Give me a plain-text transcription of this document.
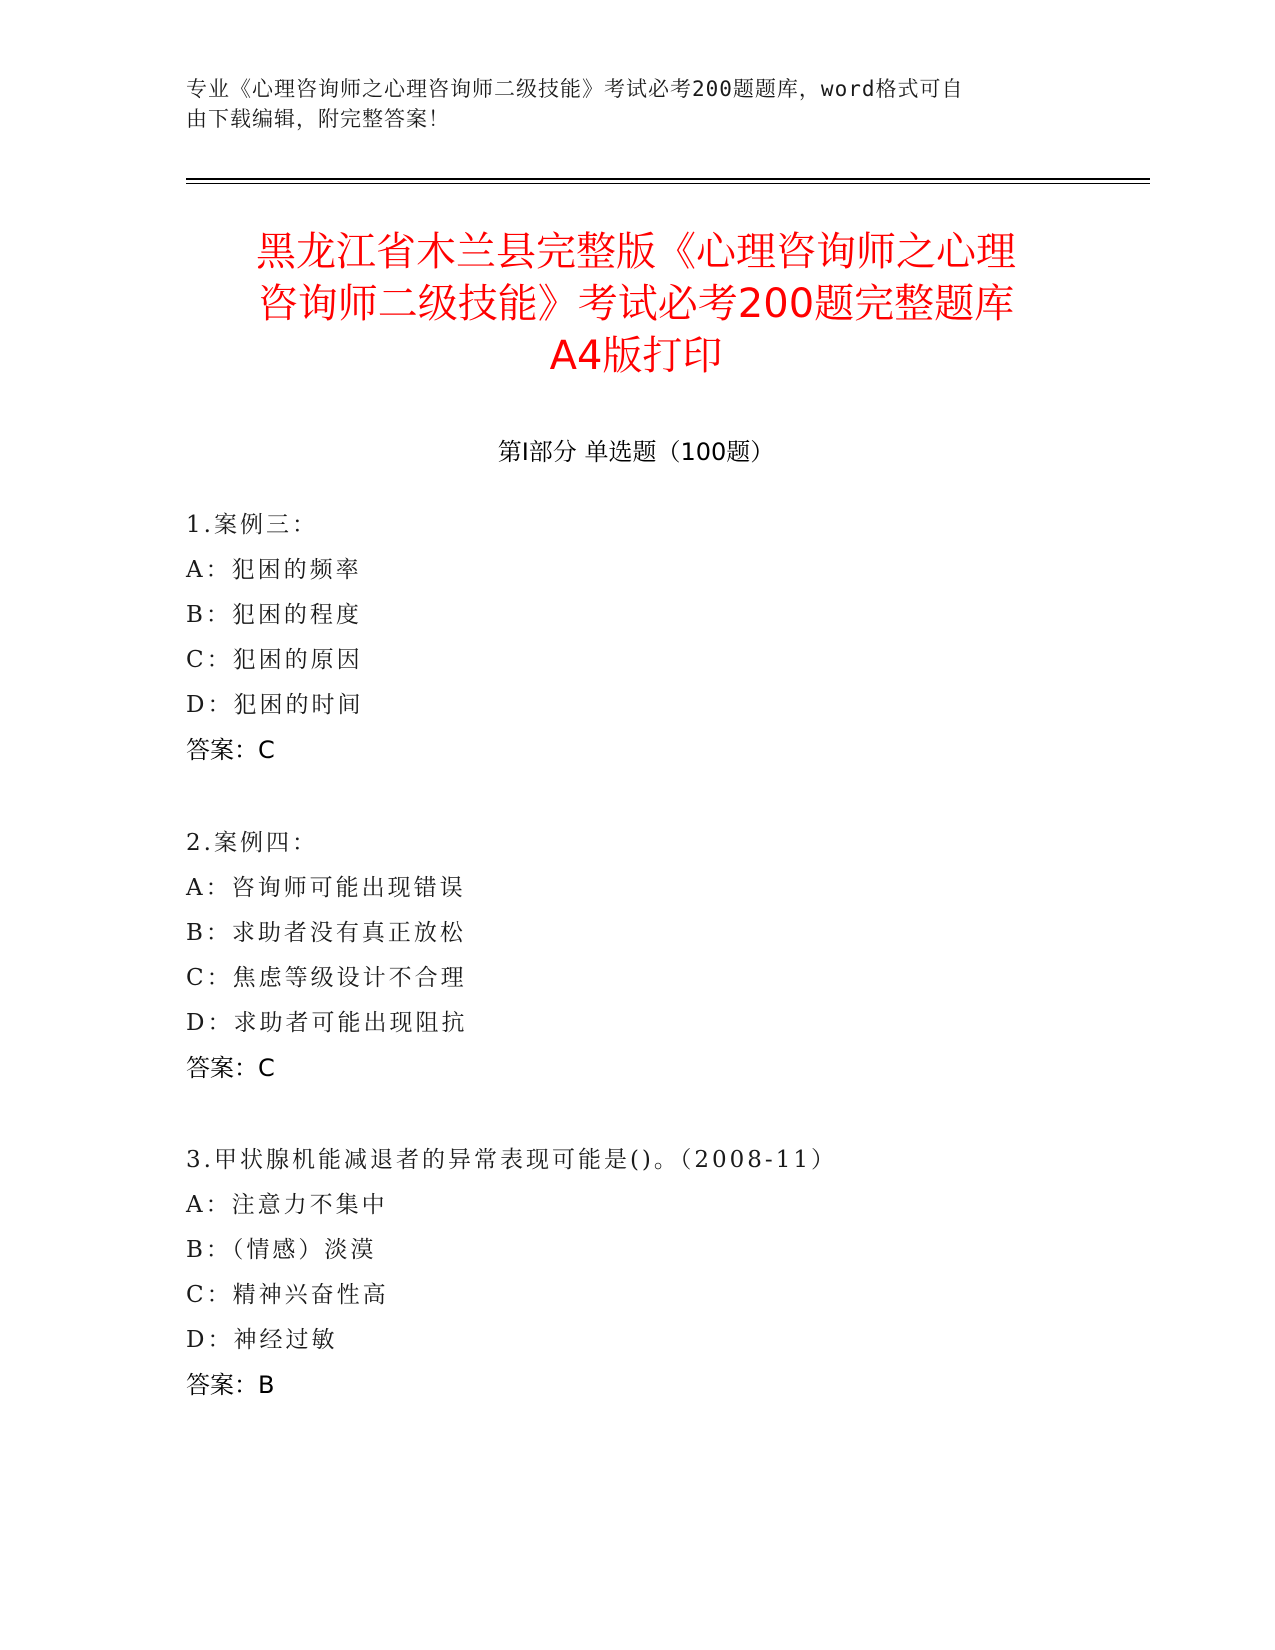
专业《心理咨询师之心理咨询师二级技能》考试必考200题题库，word格式可自
由下载编辑，附完整答案！
黑龙江省木兰县完整版《心理咨询师之心理
咨询师二级技能》考试必考200题完整题库
A4版打印
第Ⅰ部分 单选题（100题）
1.案例三：
A：犯困的频率
B：犯困的程度
C：犯困的原因
D：犯困的时间
答案：C
2.案例四：
A：咨询师可能出现错误
B：求助者没有真正放松
C：焦虑等级设计不合理
D：求助者可能出现阻抗
答案：C
3.甲状腺机能减退者的异常表现可能是()。（2008-11）
A：注意力不集中
B：（情感）淡漠
C：精神兴奋性高
D：神经过敏
答案：B
